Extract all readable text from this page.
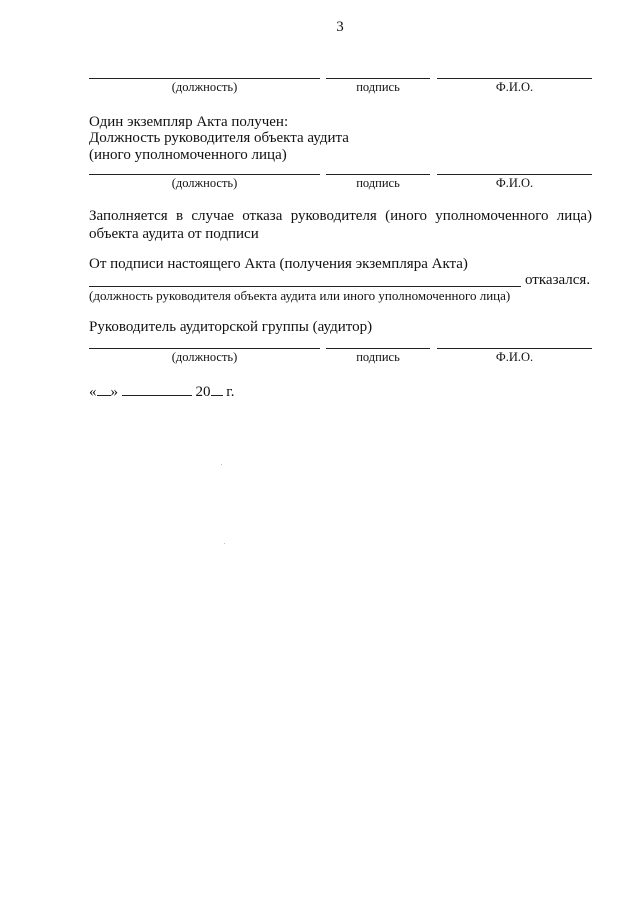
3
(должность)	подпись	Ф.И.О.
Один экземпляр Акта получен:
Должность руководителя объекта аудита
(иного уполномоченного лица)
(должность)	подпись	Ф.И.О.
Заполняется в случае отказа руководителя (иного уполномоченного лица) объекта аудита от подписи
От подписи настоящего Акта (получения экземпляра Акта)
отказался.
(должность руководителя объекта аудита или иного уполномоченного лица)
Руководитель аудиторской группы (аудитор)
(должность)	подпись	Ф.И.О.
« »	20 г.
